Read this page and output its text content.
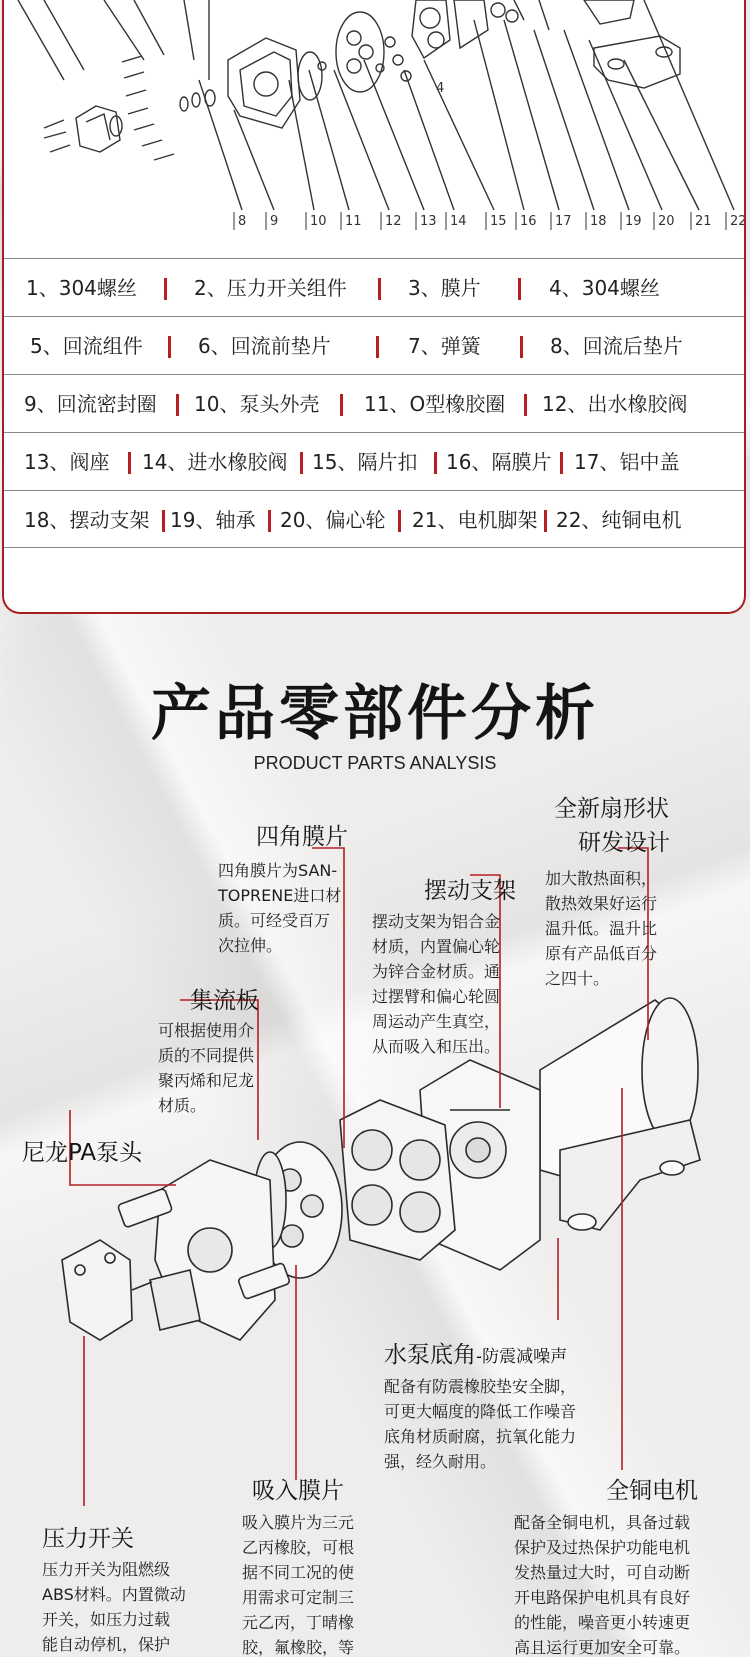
8 9 10 11 12 13 14 15 16 17 18 19 20 21 22
4
1、304螺丝	2、压力开关组件	3、膜片	4、304螺丝
5、回流组件	6、回流前垫片	7、弹簧	8、回流后垫片
9、回流密封圈 10、泵头外壳 11、O型橡胶圈 12、出水橡胶阀
13、阀座 14、进水橡胶阀 15、隔片扣 16、隔膜片 17、铝中盖
18、摆动支架 19、轴承 20、偏心轮 21、电机脚架 22、纯铜电机
产品零部件分析
PRODUCT PARTS ANALYSIS
四角膜片
四角膜片为SAN-
TOPRENE进口材
质。可经受百万
次拉伸。
全新扇形状
研发设计
加大散热面积，
散热效果好运行
温升低。温升比
原有产品低百分
之四十。
摆动支架
摆动支架为铝合金
材质，内置偏心轮
为锌合金材质。通
过摆臂和偏心轮圆
周运动产生真空，
从而吸入和压出。
集流板
可根据使用介
质的不同提供
聚丙烯和尼龙
材质。
尼龙PA泵头
水泵底角-防震减噪声
配备有防震橡胶垫安全脚，
可更大幅度的降低工作噪音
底角材质耐腐，抗氧化能力
强，经久耐用。
吸入膜片
吸入膜片为三元
乙丙橡胶，可根
据不同工况的使
用需求可定制三
元乙丙，丁晴橡
胶，氟橡胶，等
全铜电机
配备全铜电机，具备过载
保护及过热保护功能电机
发热量过大时，可自动断
开电路保护电机具有良好
的性能，噪音更小转速更
高且运行更加安全可靠。
压力开关
压力开关为阻燃级
ABS材料。内置微动
开关，如压力过载
能自动停机，保护
